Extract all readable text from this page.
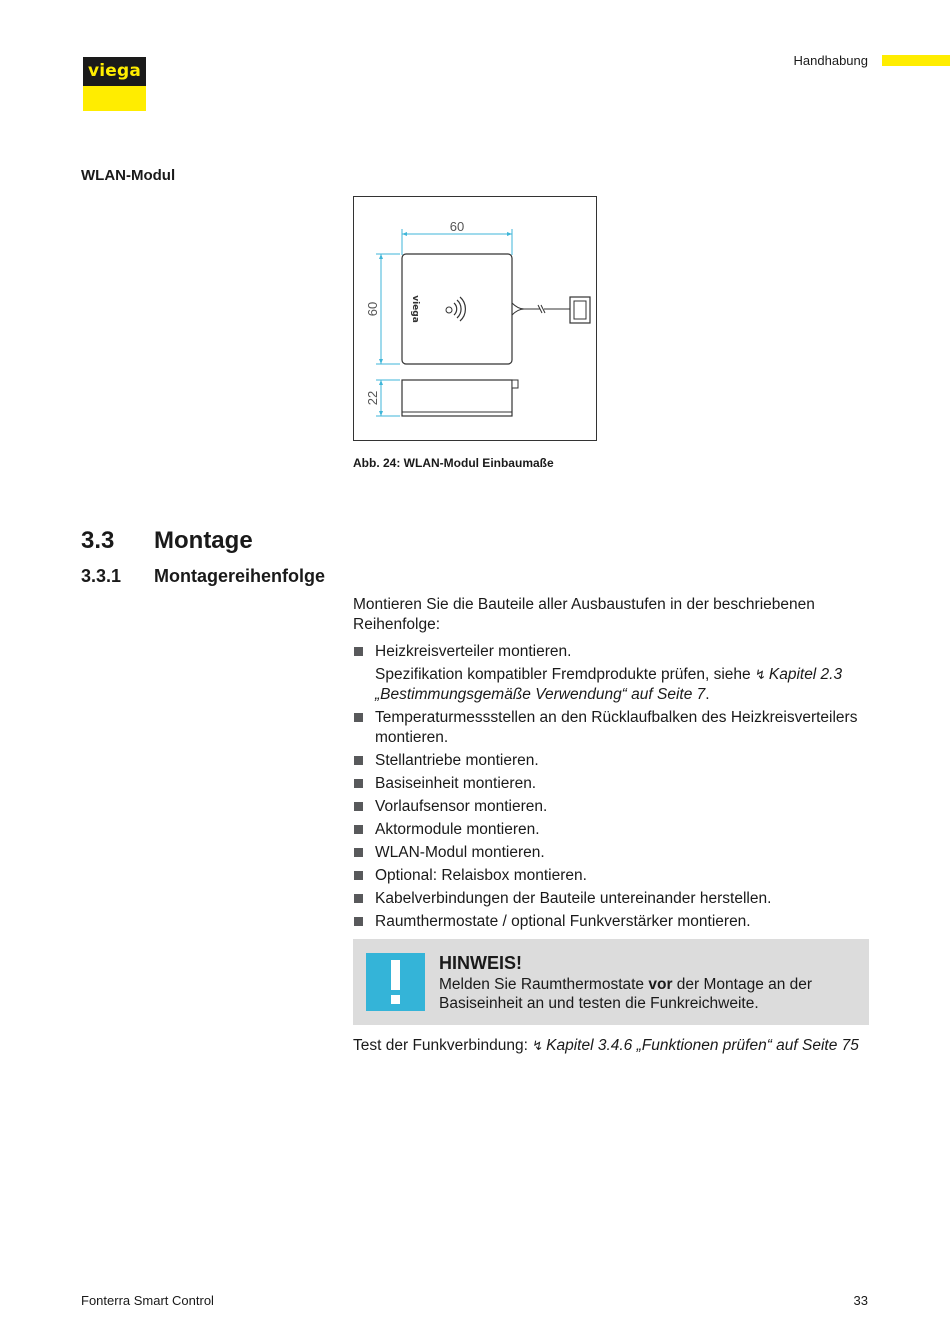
viega
Handhabung
WLAN-Modul
60
60	viega
22
Abb. 24: WLAN-Modul Einbaumaße
3.3 Montage
3.3.1 Montagereihenfolge
Montieren Sie die Bauteile aller Ausbaustufen in der beschriebenen Reihenfolge:
Heizkreisverteiler montieren.
Spezifikation kompatibler Fremdprodukte prüfen, siehe ↯ Kapitel 2.3 „Bestimmungsgemäße Verwendung“ auf Seite 7.
Temperaturmessstellen an den Rücklaufbalken des Heizkreisverteilers montieren.
Stellantriebe montieren.
Basiseinheit montieren.
Vorlaufsensor montieren.
Aktormodule montieren.
WLAN-Modul montieren.
Optional: Relaisbox montieren.
Kabelverbindungen der Bauteile untereinander herstellen.
Raumthermostate / optional Funkverstärker montieren.
HINWEIS!
Melden Sie Raumthermostate vor der Montage an der Basiseinheit an und testen die Funkreichweite.
Test der Funkverbindung: ↯ Kapitel 3.4.6 „Funktionen prüfen“ auf Seite 75
Fonterra Smart Control	33
